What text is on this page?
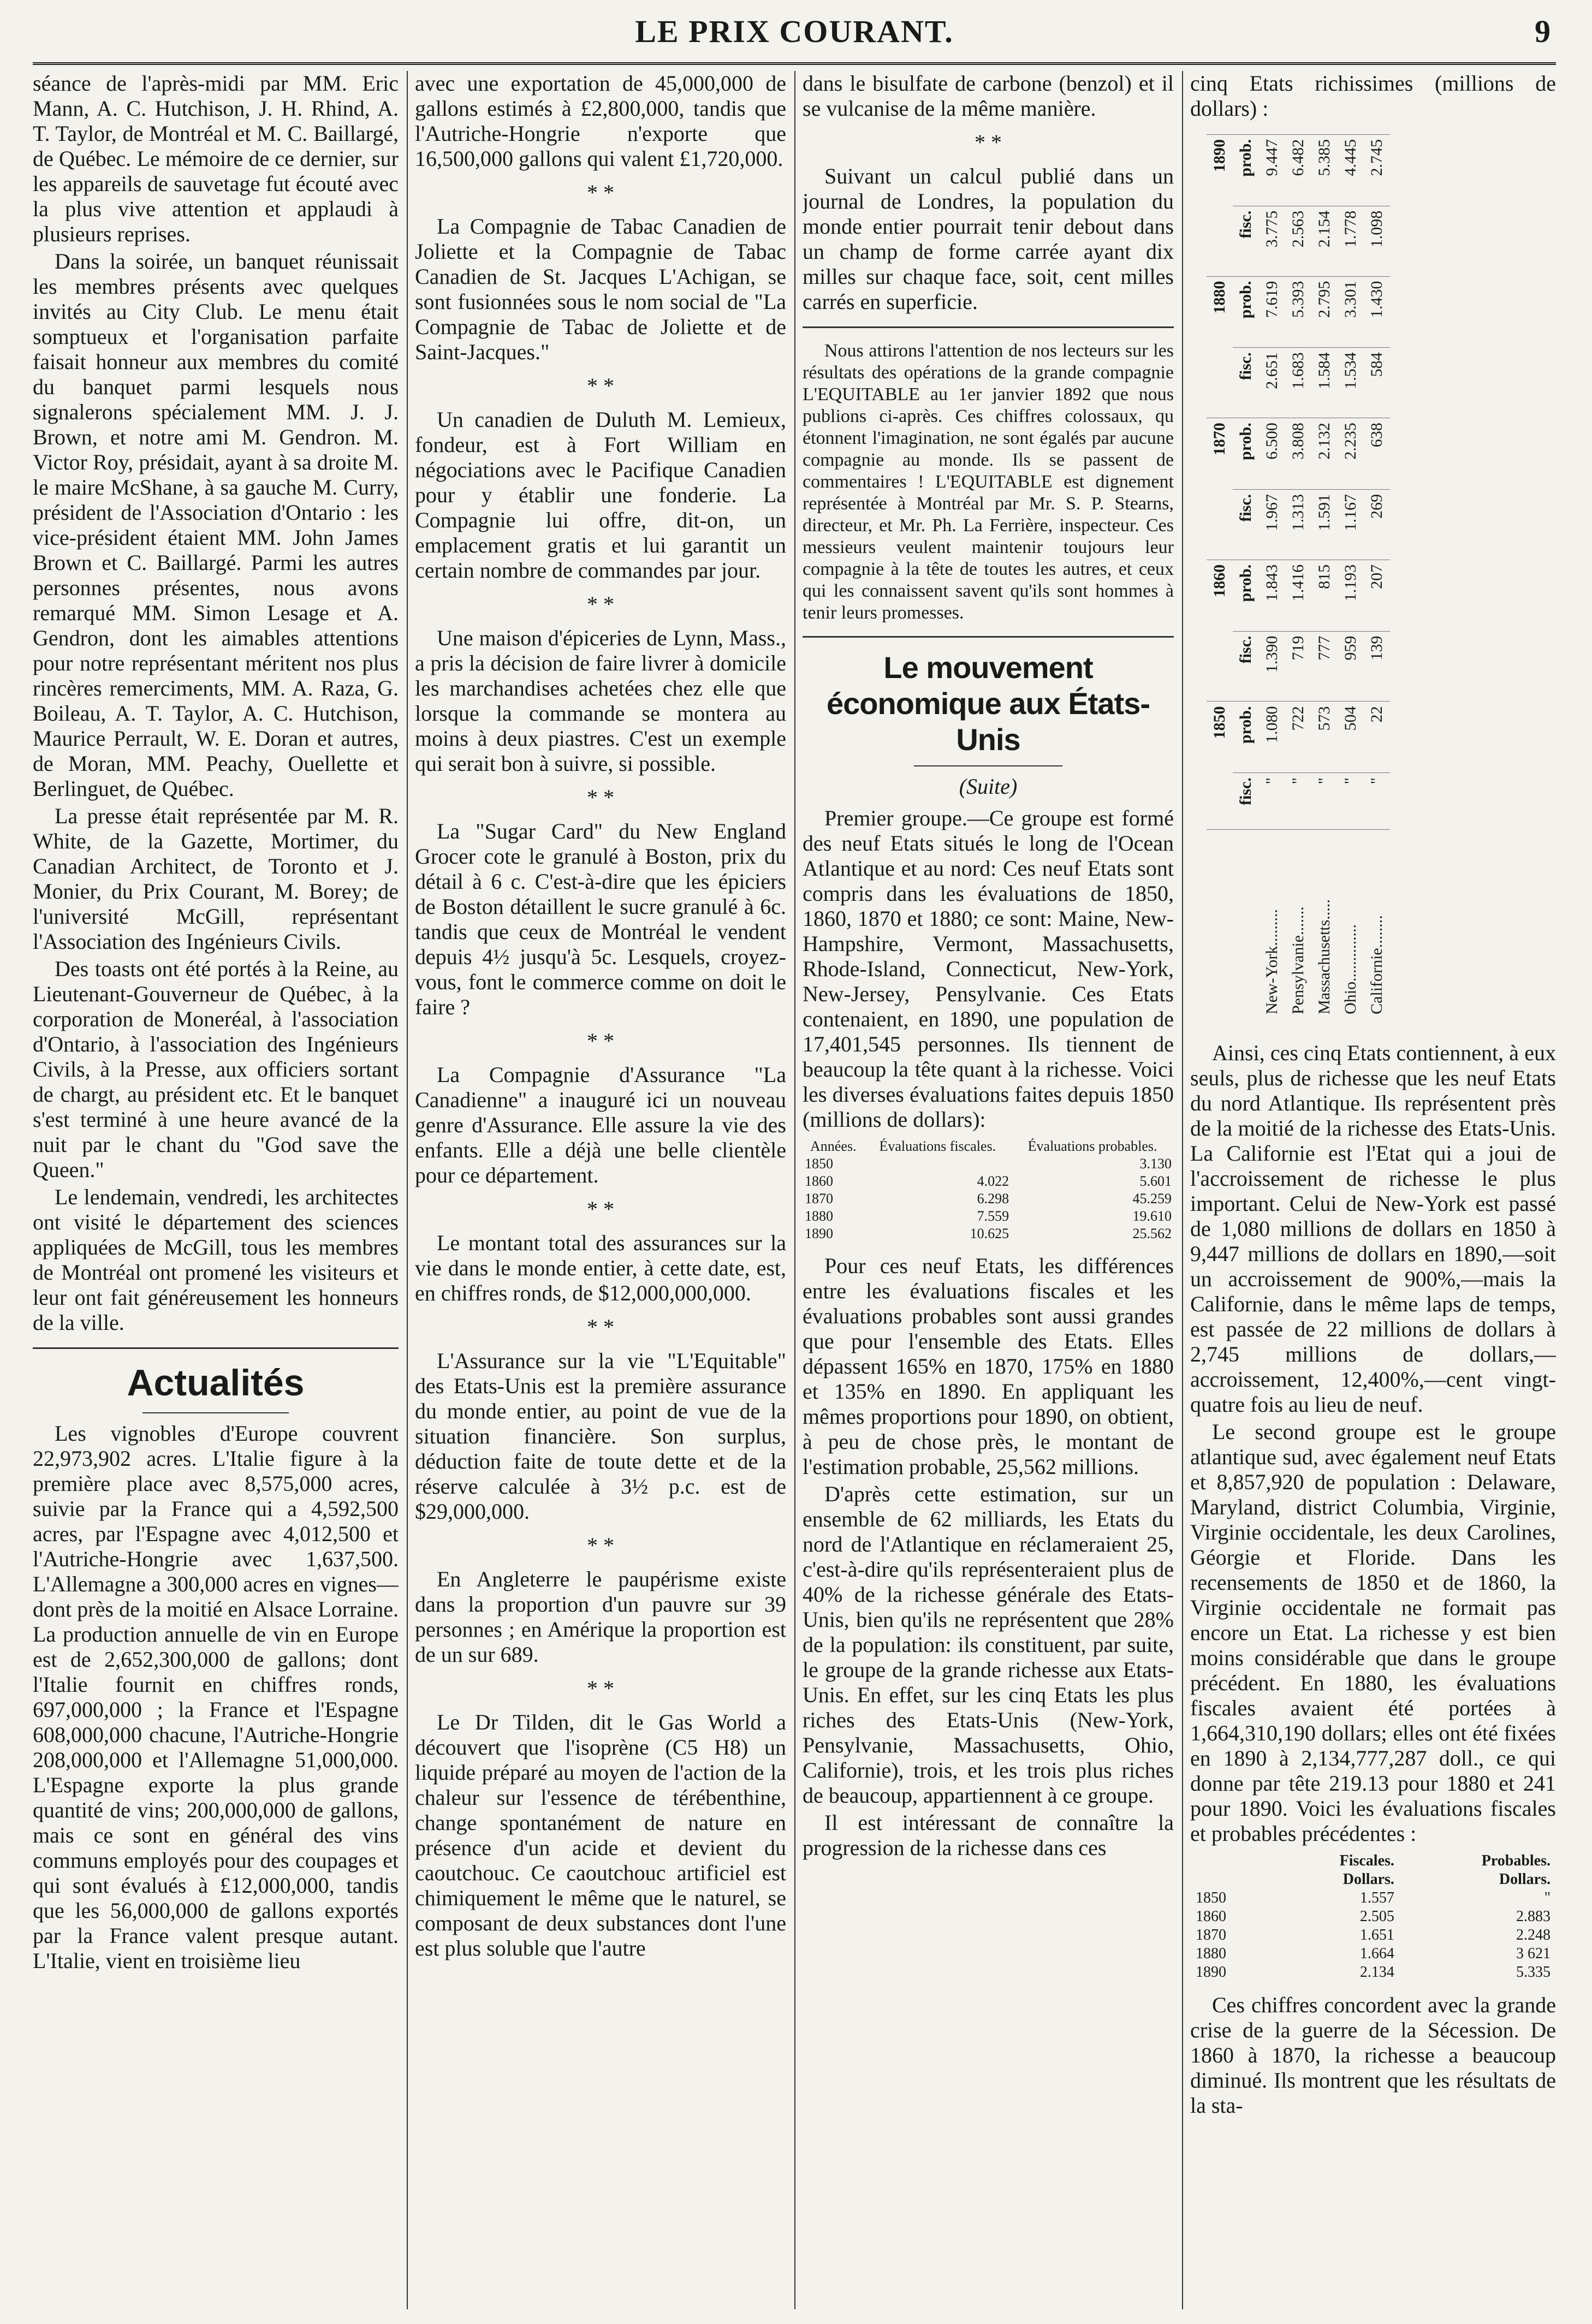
LE PRIX COURANT.	9

séance de l'après-midi par MM. Eric Mann, A. C. Hutchison, J. H. Rhind, A. T. Taylor, de Montréal et M. C. Baillargé, de Québec. Le mémoire de ce dernier, sur les appareils de sauvetage fut écouté avec la plus vive attention et applaudi à plusieurs reprises.

Dans la soirée, un banquet réunissait les membres présents avec quelques invités au City Club. Le menu était somptueux et l'organisation parfaite faisait honneur aux membres du comité du banquet parmi lesquels nous signalerons spécialement MM. J. J. Brown, et notre ami M. Gendron. M. Victor Roy, présidait, ayant à sa droite M. le maire McShane, à sa gauche M. Curry, président de l'Association d'Ontario : les vice-président étaient MM. John James Brown et C. Baillargé. Parmi les autres personnes présentes, nous avons remarqué MM. Simon Lesage et A. Gendron, dont les aimables attentions pour notre représentant méritent nos plus rincères remerciments, MM. A. Raza, G. Boileau, A. T. Taylor, A. C. Hutchison, Maurice Perrault, W. E. Doran et autres, de Moran, MM. Peachy, Ouellette et Berlinguet, de Québec.

La presse était représentée par M. R. White, de la Gazette, Mortimer, du Canadian Architect, de Toronto et J. Monier, du Prix Courant, M. Borey; de l'université McGill, représentant l'Association des Ingénieurs Civils.

Des toasts ont été portés à la Reine, au Lieutenant-Gouverneur de Québec, à la corporation de Moneréal, à l'association d'Ontario, à l'association des Ingénieurs Civils, à la Presse, aux officiers sortant de chargt, au président etc. Et le banquet s'est terminé à une heure avancé de la nuit par le chant du "God save the Queen."

Le lendemain, vendredi, les architectes ont visité le département des sciences appliquées de McGill, tous les membres de Montréal ont promené les visiteurs et leur ont fait généreusement les honneurs de la ville.

Actualités

Les vignobles d'Europe couvrent 22,973,902 acres. L'Italie figure à la première place avec 8,575,000 acres, suivie par la France qui a 4,592,500 acres, par l'Espagne avec 4,012,500 et l'Autriche-Hongrie avec 1,637,500. L'Allemagne a 300,000 acres en vignes—dont près de la moitié en Alsace Lorraine. La production annuelle de vin en Europe est de 2,652,300,000 de gallons; dont l'Italie fournit en chiffres ronds, 697,000,000 ; la France et l'Espagne 608,000,000 chacune, l'Autriche-Hongrie 208,000,000 et l'Allemagne 51,000,000. L'Espagne exporte la plus grande quantité de vins; 200,000,000 de gallons, mais ce sont en général des vins communs employés pour des coupages et qui sont évalués à £12,000,000, tandis que les 56,000,000 de gallons exportés par la France valent presque autant. L'Italie, vient en troisième lieu

avec une exportation de 45,000,000 de gallons estimés à £2,800,000, tandis que l'Autriche-Hongrie n'exporte que 16,500,000 gallons qui valent £1,720,000.

* *

La Compagnie de Tabac Canadien de Joliette et la Compagnie de Tabac Canadien de St. Jacques L'Achigan, se sont fusionnées sous le nom social de "La Compagnie de Tabac de Joliette et de Saint-Jacques."

* *

Un canadien de Duluth M. Lemieux, fondeur, est à Fort William en négociations avec le Pacifique Canadien pour y établir une fonderie. La Compagnie lui offre, dit-on, un emplacement gratis et lui garantit un certain nombre de commandes par jour.

* *

Une maison d'épiceries de Lynn, Mass., a pris la décision de faire livrer à domicile les marchandises achetées chez elle que lorsque la commande se montera au moins à deux piastres. C'est un exemple qui serait bon à suivre, si possible.

* *

La "Sugar Card" du New England Grocer cote le granulé à Boston, prix du détail à 6 c. C'est-à-dire que les épiciers de Boston détaillent le sucre granulé à 6c. tandis que ceux de Montréal le vendent depuis 4½ jusqu'à 5c. Lesquels, croyez-vous, font le commerce comme on doit le faire ?

* *

La Compagnie d'Assurance "La Canadienne" a inauguré ici un nouveau genre d'Assurance. Elle assure la vie des enfants. Elle a déjà une belle clientèle pour ce département.

* *

Le montant total des assurances sur la vie dans le monde entier, à cette date, est, en chiffres ronds, de $12,000,000,000.

* *

L'Assurance sur la vie "L'Equitable" des Etats-Unis est la première assurance du monde entier, au point de vue de la situation financière. Son surplus, déduction faite de toute dette et de la réserve calculée à 3½ p.c. est de $29,000,000.

* *

En Angleterre le paupérisme existe dans la proportion d'un pauvre sur 39 personnes ; en Amérique la proportion est de un sur 689.

* *

Le Dr Tilden, dit le Gas World a découvert que l'isoprène (C5 H8) un liquide préparé au moyen de l'action de la chaleur sur l'essence de térébenthine, change spontanément de nature en présence d'un acide et devient du caoutchouc. Ce caoutchouc artificiel est chimiquement le même que le naturel, se composant de deux substances dont l'une est plus soluble que l'autre

dans le bisulfate de carbone (benzol) et il se vulcanise de la même manière.

* *

Suivant un calcul publié dans un journal de Londres, la population du monde entier pourrait tenir debout dans un champ de forme carrée ayant dix milles sur chaque face, soit, cent milles carrés en superficie.

Nous attirons l'attention de nos lecteurs sur les résultats des opérations de la grande compagnie L'EQUITABLE au 1er janvier 1892 que nous publions ci-après. Ces chiffres colossaux, qu étonnent l'imagination, ne sont égalés par aucune compagnie au monde. Ils se passent de commentaires ! L'EQUITABLE est dignement représentée à Montréal par Mr. S. P. Stearns, directeur, et Mr. Ph. La Ferrière, inspecteur. Ces messieurs veulent maintenir toujours leur compagnie à la tête de toutes les autres, et ceux qui les connaissent savent qu'ils sont hommes à tenir leurs promesses.

Le mouvement économique aux États-Unis
(Suite)

Premier groupe.—Ce groupe est formé des neuf Etats situés le long de l'Ocean Atlantique et au nord: Ces neuf Etats sont compris dans les évaluations de 1850, 1860, 1870 et 1880; ce sont: Maine, New-Hampshire, Vermont, Massachusetts, Rhode-Island, Connecticut, New-York, New-Jersey, Pensylvanie. Ces Etats contenaient, en 1890, une population de 17,401,545 personnes. Ils tiennent de beaucoup la tête quant à la richesse. Voici les diverses évaluations faites depuis 1850 (millions de dollars):

Années.	Évaluations fiscales.	Évaluations probables.
1850		3.130
1860	4.022	5.601
1870	6.298	45.259
1880	7.559	19.610
1890	10.625	25.562

Pour ces neuf Etats, les différences entre les évaluations fiscales et les évaluations probables sont aussi grandes que pour l'ensemble des Etats. Elles dépassent 165% en 1870, 175% en 1880 et 135% en 1890. En appliquant les mêmes proportions pour 1890, on obtient, à peu de chose près, le montant de l'estimation probable, 25,562 millions.

D'après cette estimation, sur un ensemble de 62 milliards, les Etats du nord de l'Atlantique en réclameraient 25, c'est-à-dire qu'ils représenteraient plus de 40% de la richesse générale des Etats-Unis, bien qu'ils ne représentent que 28% de la population: ils constituent, par suite, le groupe de la grande richesse aux Etats-Unis. En effet, sur les cinq Etats les plus riches des Etats-Unis (New-York, Pensylvanie, Massachusetts, Ohio, Californie), trois, et les trois plus riches de beaucoup, appartiennent à ce groupe.

Il est intéressant de connaître la progression de la richesse dans ces

cinq Etats richissimes (millions de dollars) :

	1850		1860		1870		1880		1890	
	fisc.	prob.	fisc.	prob.	fisc.	prob.	fisc.	prob.	fisc.	prob.
New-York.........	"	1.080	1.390	1.843	1.967	6.500	2.651	7.619	3.775	9.447
Pensylvanie.......	"	722	719	1.416	1.313	3.808	1.683	5.393	2.563	6.482
Massachusetts.....	"	573	777	815	1.591	2.132	1.584	2.795	2.154	5.385
Ohio..............	"	504	959	1.193	1.167	2.235	1.534	3.301	1.778	4.445
Californie........	"	22	139	207	269	638	584	1.430	1.098	2.745

Ainsi, ces cinq Etats contiennent, à eux seuls, plus de richesse que les neuf Etats du nord Atlantique. Ils représentent près de la moitié de la richesse des Etats-Unis. La Californie est l'Etat qui a joui de l'accroissement de richesse le plus important. Celui de New-York est passé de 1,080 millions de dollars en 1850 à 9,447 millions de dollars en 1890,—soit un accroissement de 900%,—mais la Californie, dans le même laps de temps, est passée de 22 millions de dollars à 2,745 millions de dollars,—accroissement, 12,400%,—cent vingt-quatre fois au lieu de neuf.

Le second groupe est le groupe atlantique sud, avec également neuf Etats et 8,857,920 de population : Delaware, Maryland, district Columbia, Virginie, Virginie occidentale, les deux Carolines, Géorgie et Floride. Dans les recensements de 1850 et de 1860, la Virginie occidentale ne formait pas encore un Etat. La richesse y est bien moins considérable que dans le groupe précédent. En 1880, les évaluations fiscales avaient été portées à 1,664,310,190 dollars; elles ont été fixées en 1890 à 2,134,777,287 doll., ce qui donne par tête 219.13 pour 1880 et 241 pour 1890. Voici les évaluations fiscales et probables précédentes :

	Fiscales.	Probables.
	Dollars.	Dollars.
1850	1.557	"
1860	2.505	2.883
1870	1.651	2.248
1880	1.664	3 621
1890	2.134	5.335

Ces chiffres concordent avec la grande crise de la guerre de la Sécession. De 1860 à 1870, la richesse a beaucoup diminué. Ils montrent que les résultats de la sta-
